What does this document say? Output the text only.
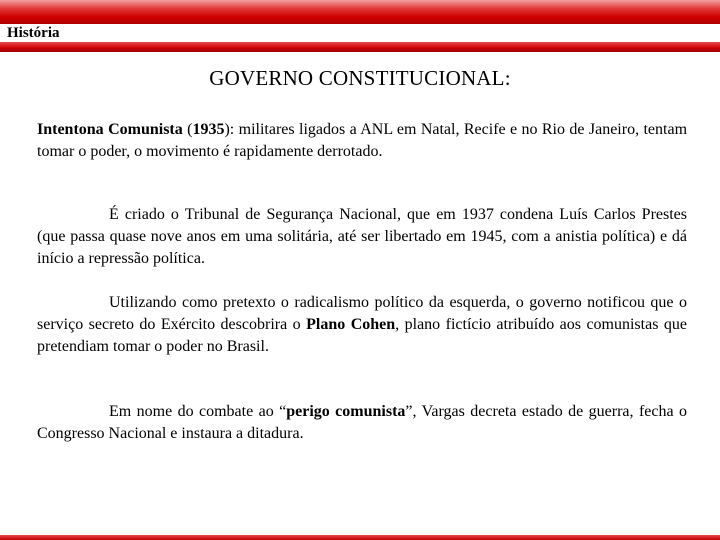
História
GOVERNO CONSTITUCIONAL:

Intentona Comunista (1935): militares ligados a ANL em Natal, Recife e no Rio de Janeiro, tentam tomar o poder, o movimento é rapidamente derrotado.

É criado o Tribunal de Segurança Nacional, que em 1937 condena Luís Carlos Prestes (que passa quase nove anos em uma solitária, até ser libertado em 1945, com a anistia política) e dá início a repressão política.

Utilizando como pretexto o radicalismo político da esquerda, o governo notificou que o serviço secreto do Exército descobrira o Plano Cohen, plano fictício atribuído aos comunistas que pretendiam tomar o poder no Brasil.

Em nome do combate ao “perigo comunista”, Vargas decreta estado de guerra, fecha o Congresso Nacional e instaura a ditadura.
